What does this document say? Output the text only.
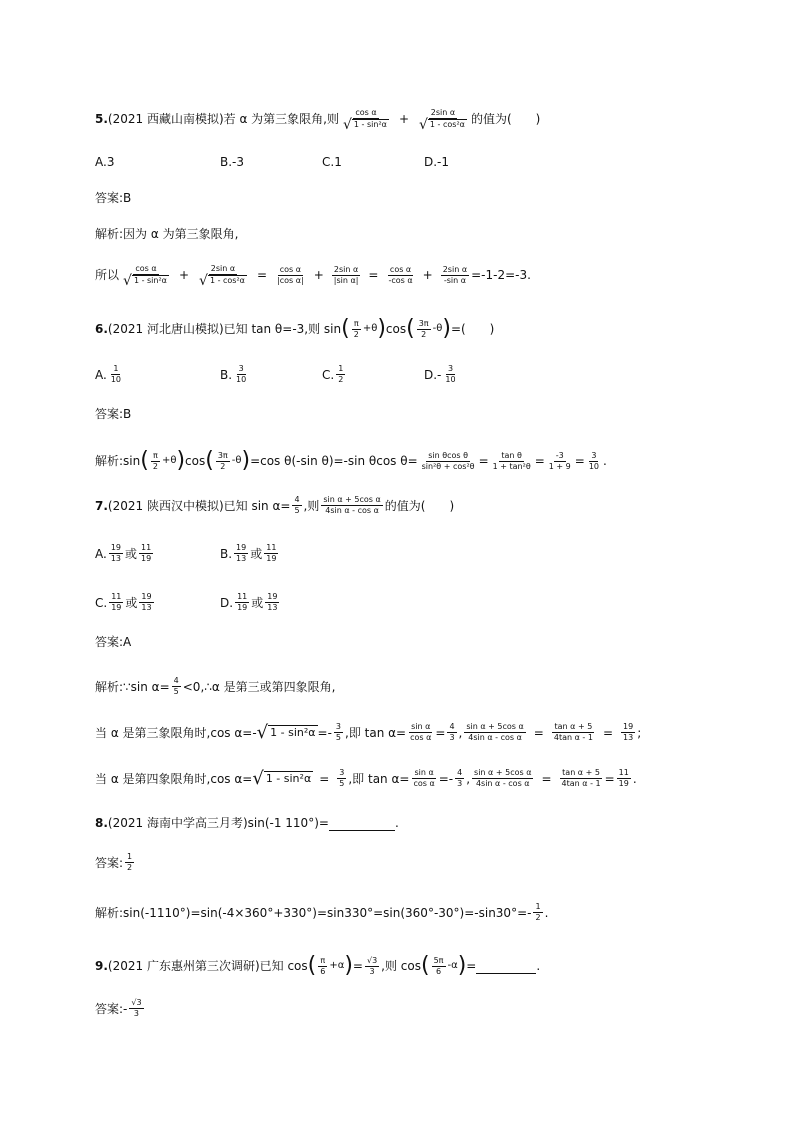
5. (2021 西藏山南模拟)若 α 为第三象限角,则 $\frac{\text{cos α}}{\text{√ 1 - sin²α}} + \frac{\text{2sin α}}{\text{√ 1 - cos²α}}$ 的值为(　　)
A.3	B.-3	C.1	D.-1
答案:B
解析:因为 α 为第三象限角,
所以 $\frac{\text{cos α}}{\text{√ 1 - sin²α}} + \frac{\text{2sin α}}{\text{√ 1 - cos²α}} = \frac{\text{cos α}}{\text{|cos α|}} + \frac{\text{2sin α}}{\text{|sin α|}} = \frac{\text{cos α}}{\text{-cos α}} + \frac{\text{2sin α}}{\text{-sin α}} =-1-2=-3$.
6. (2021 河北唐山模拟)已知 tan θ=-3,则 sin ( $\frac{\pi}{2} +\theta$ ) cos ( $\frac{3\pi}{2} -\theta$ ) =(　　)
A. $\frac{1}{10}$	B. $\frac{3}{10}$	C. $\frac{1}{2}$	$D.- \frac{3}{10}$
答案:B
解析:sin ( $\frac{\pi}{2} +\theta$ ) cos ( $\frac{3\pi}{2} -\theta$ ) =cos θ(-sin θ)=-sin θcos $\theta= \frac{\text{sin θcos θ}}{\text{sin²θ + cos²θ}} = \frac{\text{tan θ}}{\text{1 + tan²θ}} = \frac{-3}{1 + 9} = \frac{3}{10}$ .
7. (2021 陕西汉中模拟)已知 $\sin \alpha= \frac{4}{5}$ ,则 $\frac{\text{sin α + 5cos α}}{\text{4sin α - cos α}}$ 的值为(　　)
A. $\frac{19}{13}$ 或 $\frac{11}{19}$	B. $\frac{19}{13}$ 或 $\frac{11}{19}$
C. $\frac{11}{19}$ 或 $\frac{19}{13}$	D. $\frac{11}{19}$ 或 $\frac{19}{13}$
答案:A
解析:∵sin $\alpha= \frac{4}{5}$ <0,∴α 是第三或第四象限角,
当 α 是第三象限角时,cos α=- √ $1 - \sin^2\alpha =- \frac{3}{5}$ ,即 $\tan \alpha= \frac{\text{sin α}}{\text{cos α}} = \frac{4}{3}$ , $\frac{\text{sin α + 5cos α}}{\text{4sin α - cos α}} = \frac{\text{tan α + 5}}{\text{4tan α - 1}} = \frac{19}{13}$ ;
当 α 是第四象限角时,cos α= √ $1 - \sin^2\alpha = \frac{3}{5}$ ,即 $\tan \alpha= \frac{\text{sin α}}{\text{cos α}} =- \frac{4}{3}$ , $\frac{\text{sin α + 5cos α}}{\text{4sin α - cos α}} = \frac{\text{tan α + 5}}{\text{4tan α - 1}} = \frac{11}{19}$ .
8. (2021 海南中学高三月考)sin(-1 110°)=	.
答案: $\frac{1}{2}$
解析:sin(-1110°)=sin(-4×360°+330°)=sin330°=sin(360°-30°)=-sin30°=- $\frac{1}{2}$ .
9. (2021 广东惠州第三次调研)已知 cos ( $\frac{\pi}{6} +\alpha$ ) = $\frac{√3}{3}$ ,则 cos ( $\frac{5\pi}{6} -\alpha$ ) =	.
答案:- $\frac{√3}{3}$
